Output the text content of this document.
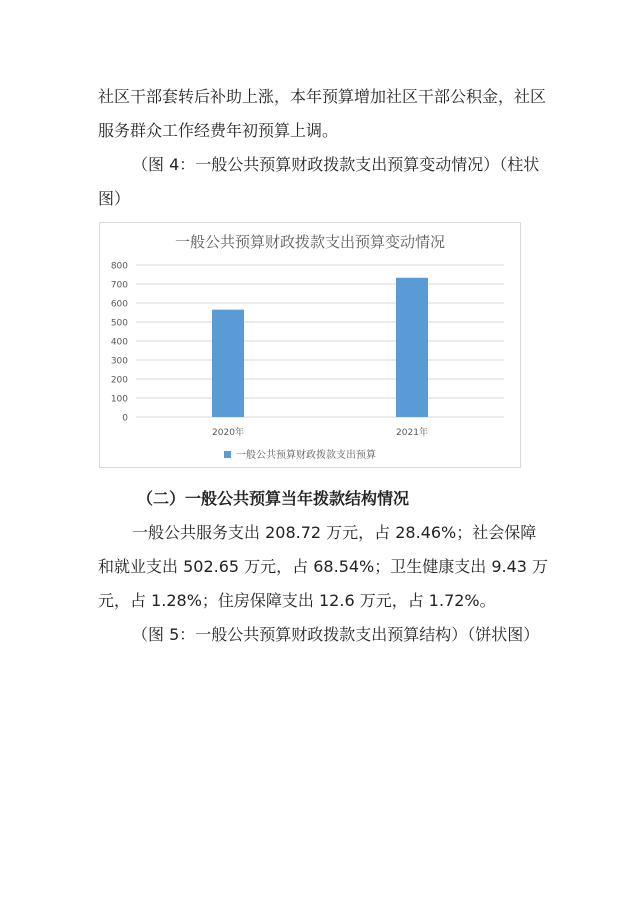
社区干部套转后补助上涨，本年预算增加社区干部公积金，社区服务群众工作经费年初预算上调。

（图 4：一般公共预算财政拨款支出预算变动情况）（柱状图）

一般公共预算财政拨款支出预算变动情况
0
100
200
300
400
500
600
700
800
2020年	2021年
一般公共预算财政拨款支出预算

（二）一般公共预算当年拨款结构情况

一般公共服务支出 208.72 万元，占 28.46%；社会保障和就业支出 502.65 万元，占 68.54%；卫生健康支出 9.43 万元，占 1.28%；住房保障支出 12.6 万元，占 1.72%。

（图 5：一般公共预算财政拨款支出预算结构）（饼状图）
